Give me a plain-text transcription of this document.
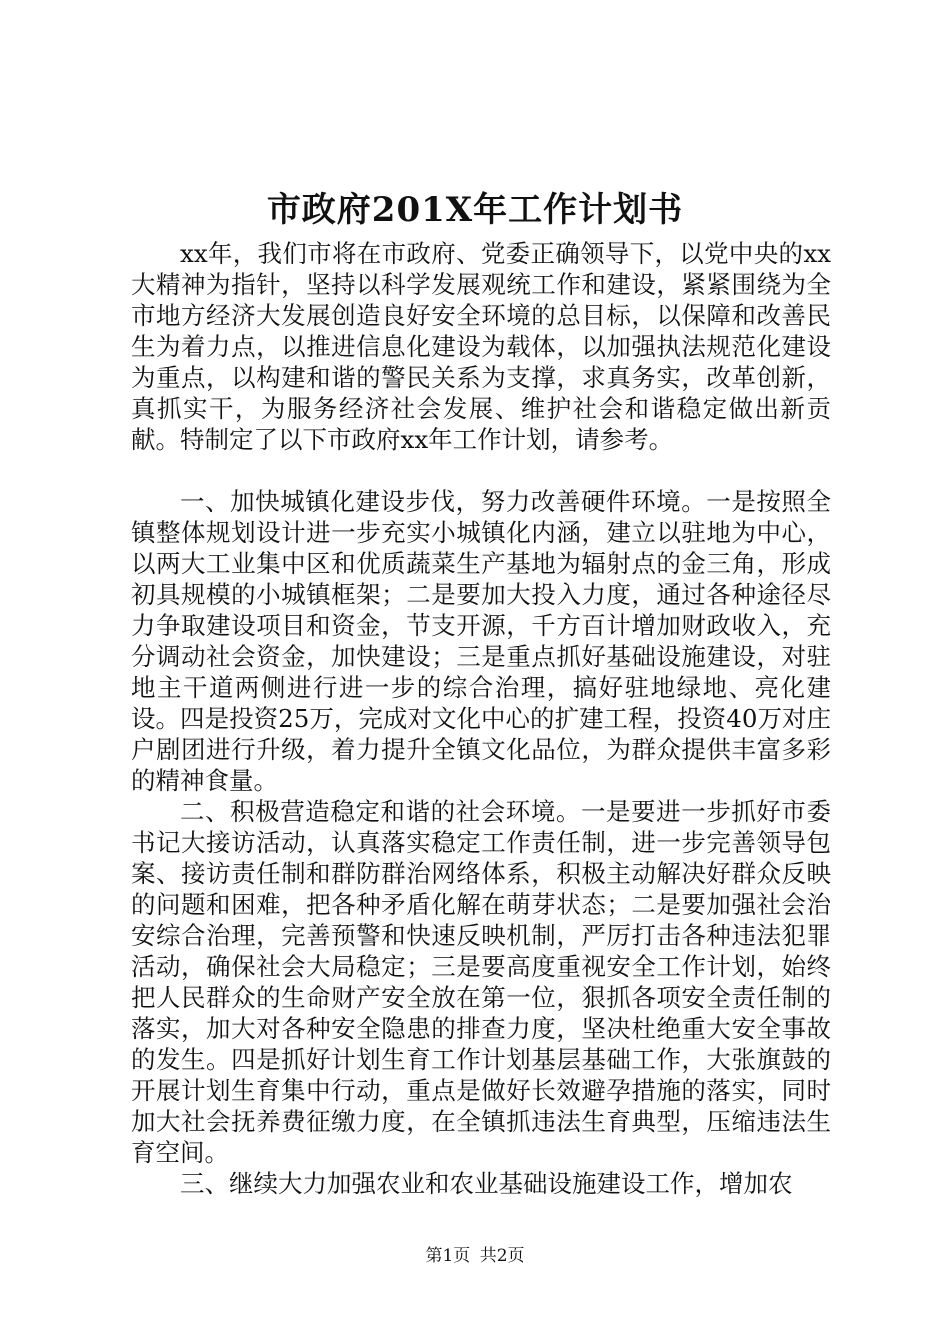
市政府201X年工作计划书

xx年，我们市将在市政府、党委正确领导下，以党中央的xx大精神为指针，坚持以科学发展观统工作和建设，紧紧围绕为全市地方经济大发展创造良好安全环境的总目标，以保障和改善民生为着力点，以推进信息化建设为载体，以加强执法规范化建设为重点，以构建和谐的警民关系为支撑，求真务实，改革创新，真抓实干，为服务经济社会发展、维护社会和谐稳定做出新贡献。特制定了以下市政府xx年工作计划，请参考。

一、加快城镇化建设步伐，努力改善硬件环境。一是按照全镇整体规划设计进一步充实小城镇化内涵，建立以驻地为中心，以两大工业集中区和优质蔬菜生产基地为辐射点的金三角，形成初具规模的小城镇框架；二是要加大投入力度，通过各种途径尽力争取建设项目和资金，节支开源，千方百计增加财政收入，充分调动社会资金，加快建设；三是重点抓好基础设施建设，对驻地主干道两侧进行进一步的综合治理，搞好驻地绿地、亮化建设。四是投资25万，完成对文化中心的扩建工程，投资40万对庄户剧团进行升级，着力提升全镇文化品位，为群众提供丰富多彩的精神食量。

二、积极营造稳定和谐的社会环境。一是要进一步抓好市委书记大接访活动，认真落实稳定工作责任制，进一步完善领导包案、接访责任制和群防群治网络体系，积极主动解决好群众反映的问题和困难，把各种矛盾化解在萌芽状态；二是要加强社会治安综合治理，完善预警和快速反映机制，严厉打击各种违法犯罪活动，确保社会大局稳定；三是要高度重视安全工作计划，始终把人民群众的生命财产安全放在第一位，狠抓各项安全责任制的落实，加大对各种安全隐患的排查力度，坚决杜绝重大安全事故的发生。四是抓好计划生育工作计划基层基础工作，大张旗鼓的开展计划生育集中行动，重点是做好长效避孕措施的落实，同时加大社会抚养费征缴力度，在全镇抓违法生育典型，压缩违法生育空间。

三、继续大力加强农业和农业基础设施建设工作，增加农

第1页 共2页
